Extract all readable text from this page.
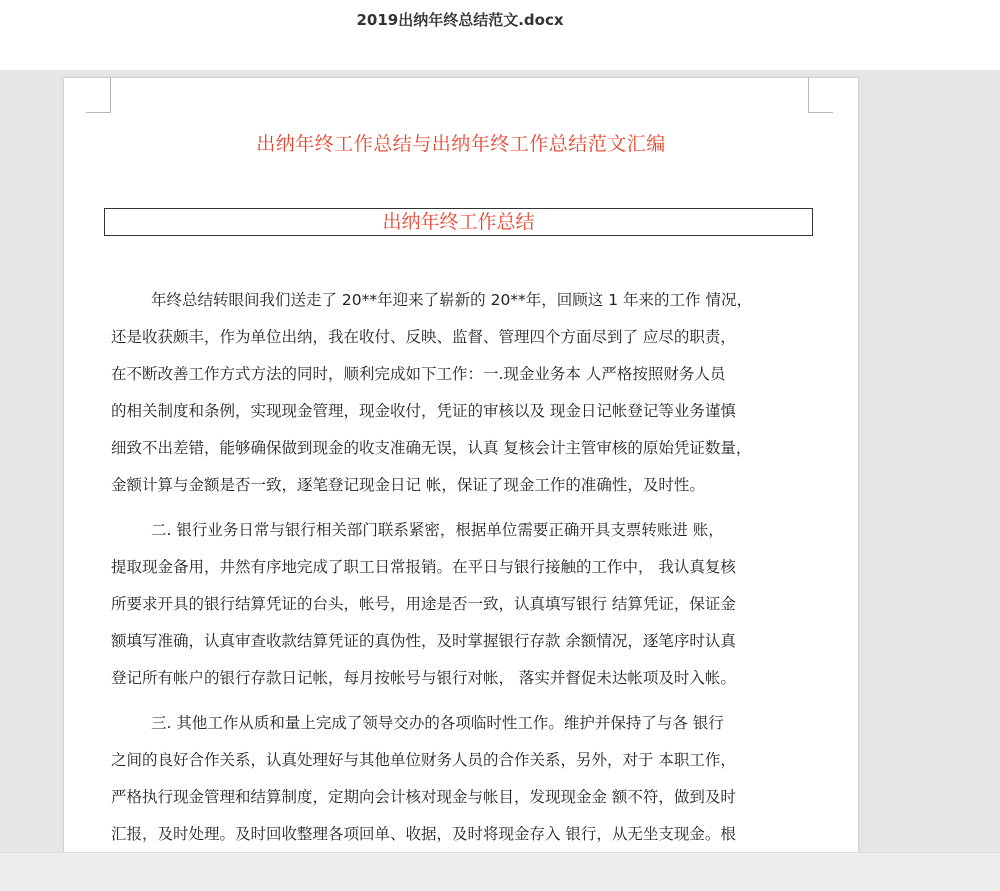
2019出纳年终总结范文.docx
出纳年终工作总结与出纳年终工作总结范文汇编
出纳年终工作总结

年终总结转眼间我们送走了 20**年迎来了崭新的 20**年，回顾这 1 年来的工作 情况，
还是收获颇丰，作为单位出纳，我在收付、反映、监督、管理四个方面尽到了 应尽的职责，
在不断改善工作方式方法的同时，顺利完成如下工作：一.现金业务本 人严格按照财务人员
的相关制度和条例，实现现金管理，现金收付，凭证的审核以及 现金日记帐登记等业务谨慎
细致不出差错，能够确保做到现金的收支准确无误，认真 复核会计主管审核的原始凭证数量，
金额计算与金额是否一致，逐笔登记现金日记 帐，保证了现金工作的准确性，及时性。

二. 银行业务日常与银行相关部门联系紧密，根据单位需要正确开具支票转账进 账，
提取现金备用，井然有序地完成了职工日常报销。在平日与银行接触的工作中， 我认真复核
所要求开具的银行结算凭证的台头，帐号，用途是否一致，认真填写银行 结算凭证，保证金
额填写准确，认真审查收款结算凭证的真伪性，及时掌握银行存款 余额情况，逐笔序时认真
登记所有帐户的银行存款日记帐，每月按帐号与银行对帐， 落实并督促未达帐项及时入帐。

三. 其他工作从质和量上完成了领导交办的各项临时性工作。维护并保持了与各 银行
之间的良好合作关系，认真处理好与其他单位财务人员的合作关系，另外，对于 本职工作，
严格执行现金管理和结算制度，定期向会计核对现金与帐目，发现现金金 额不符，做到及时
汇报，及时处理。及时回收整理各项回单、收据，及时将现金存入 银行，从无坐支现金。根
